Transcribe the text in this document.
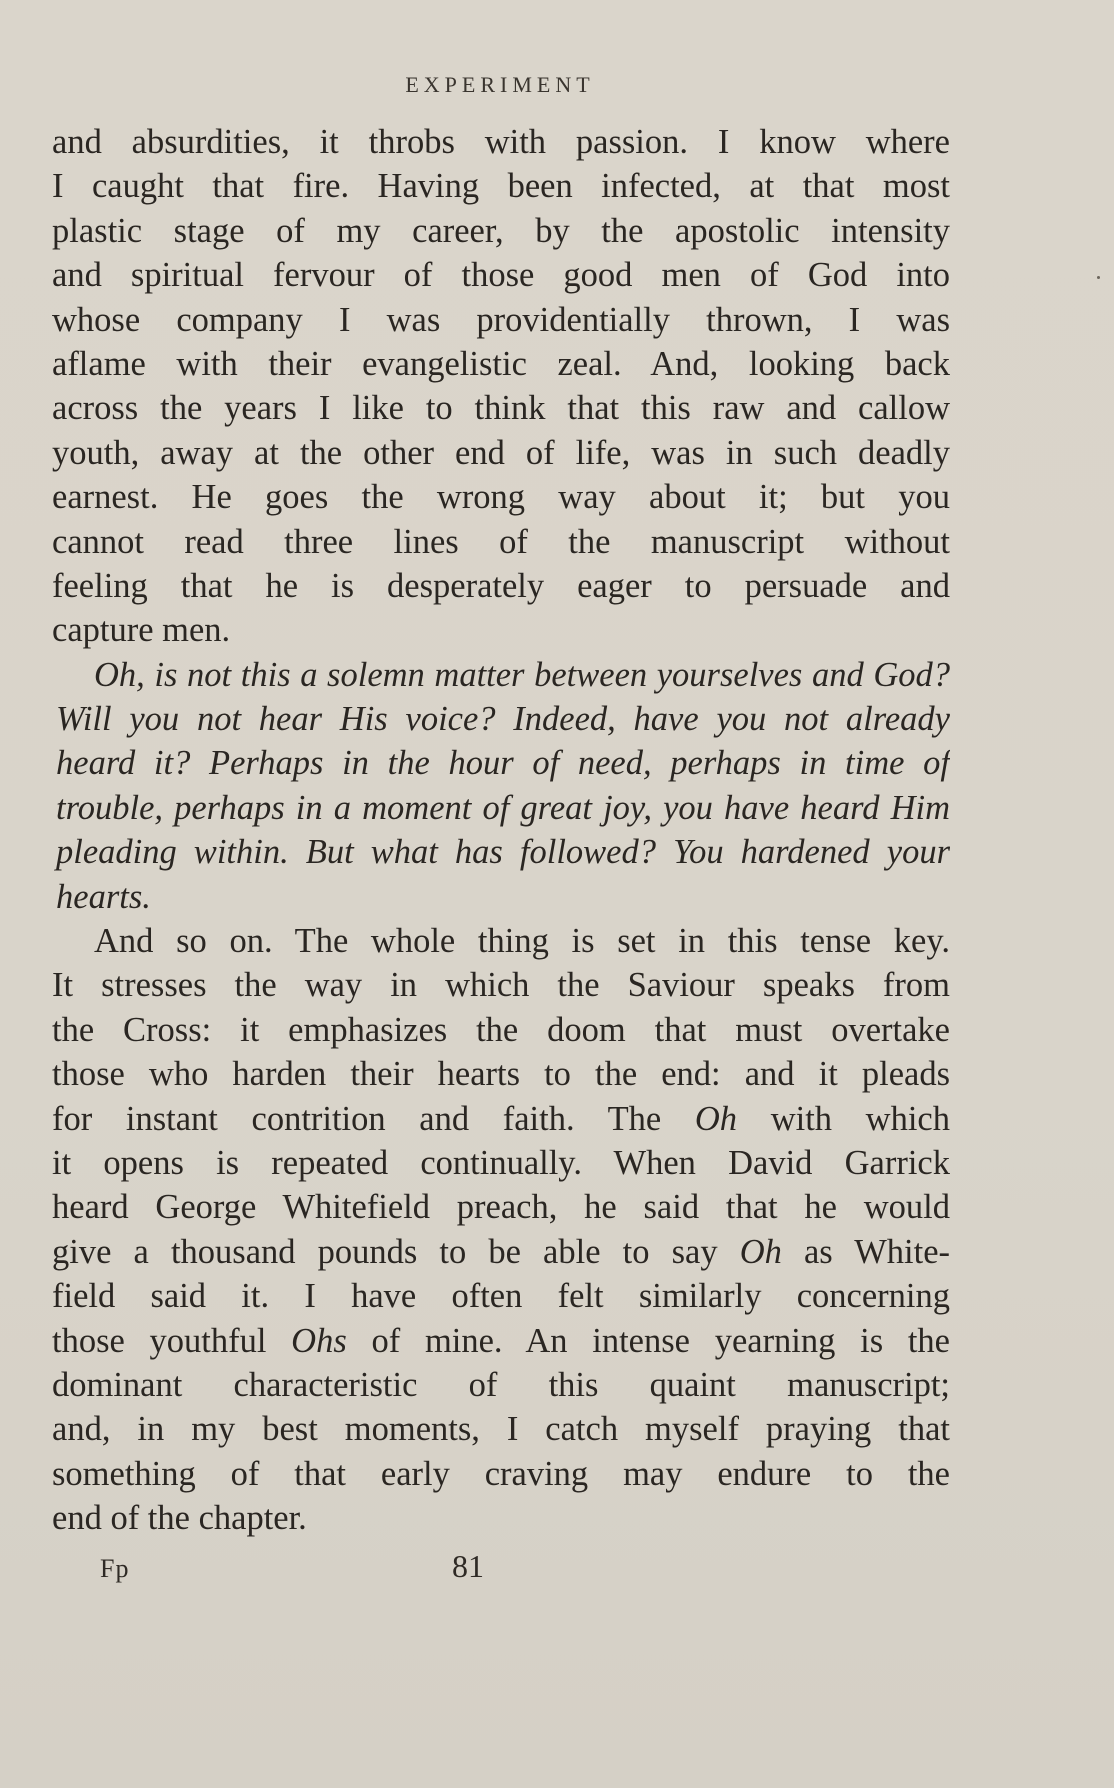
EXPERIMENT
and absurdities, it throbs with passion. I know where
I caught that fire. Having been infected, at that most
plastic stage of my career, by the apostolic intensity
and spiritual fervour of those good men of God into
whose company I was providentially thrown, I was
aflame with their evangelistic zeal. And, looking back
across the years I like to think that this raw and callow
youth, away at the other end of life, was in such deadly
earnest. He goes the wrong way about it; but you
cannot read three lines of the manuscript without
feeling that he is desperately eager to persuade and
capture men.
Oh, is not this a solemn matter between yourselves and God?
Will you not hear His voice? Indeed, have you not already
heard it? Perhaps in the hour of need, perhaps in time of
trouble, perhaps in a moment of great joy, you have heard Him
pleading within. But what has followed? You hardened your
hearts.
And so on. The whole thing is set in this tense key.
It stresses the way in which the Saviour speaks from
the Cross: it emphasizes the doom that must overtake
those who harden their hearts to the end: and it pleads
for instant contrition and faith. The Oh with which
it opens is repeated continually. When David Garrick
heard George Whitefield preach, he said that he would
give a thousand pounds to be able to say Oh as White-
field said it. I have often felt similarly concerning
those youthful Ohs of mine. An intense yearning is the
dominant characteristic of this quaint manuscript;
and, in my best moments, I catch myself praying that
something of that early craving may endure to the
end of the chapter.
Fp	81
